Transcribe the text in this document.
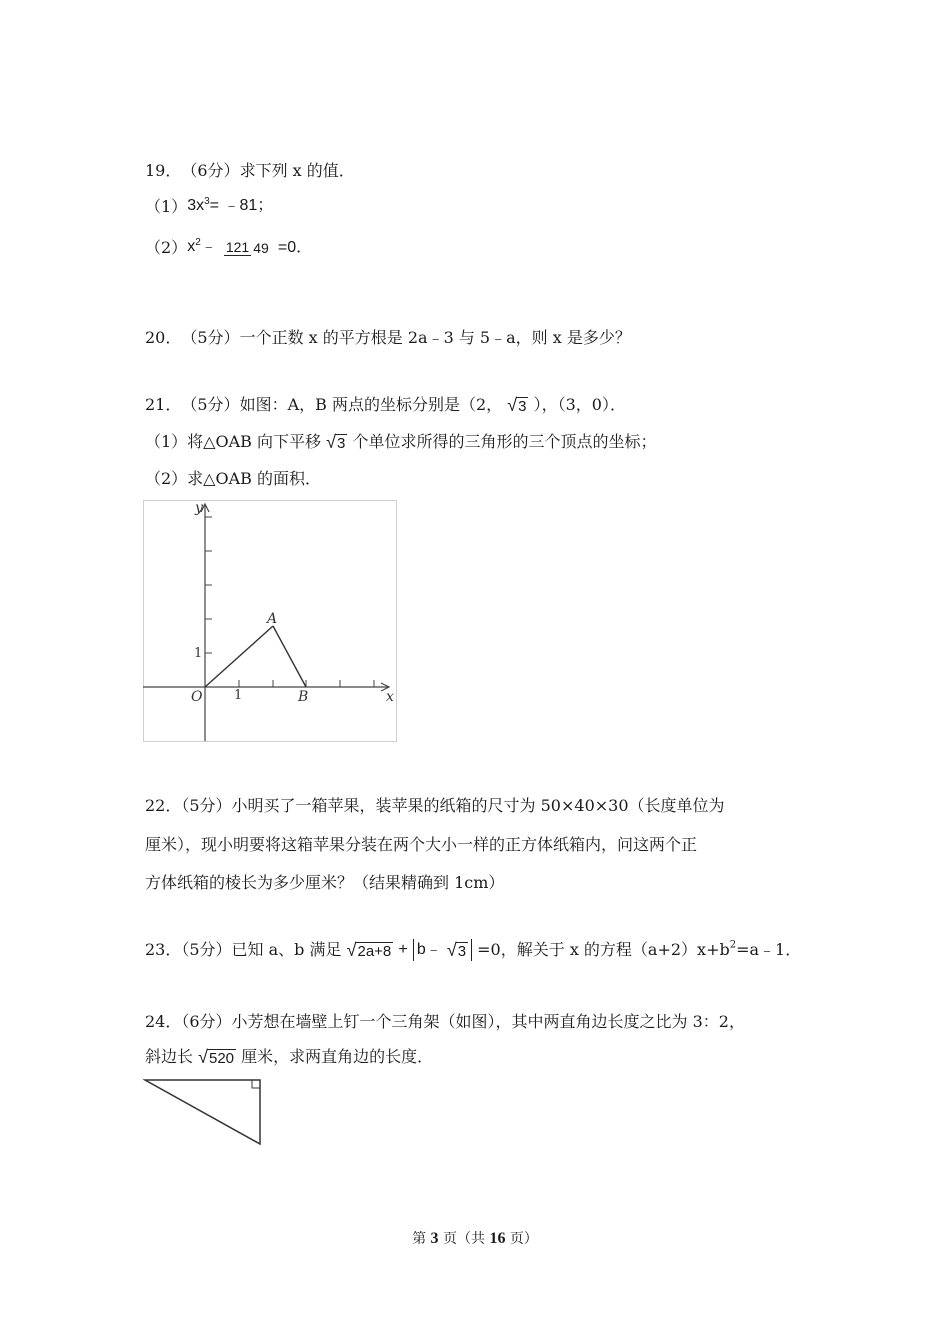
19．（6分）求下列 x 的值．
$(1)3x^3=$ ﹣81；
$(2)x^2﹣$ 121 49 =0．
20．（5分）一个正数 x 的平方根是 2a﹣3 与 5﹣a，则 x 是多少？
21．（5分）如图：A，B 两点的坐标分别是（2， √3 ），（3，0）．
（1）将△OAB 向下平移 √3 个单位求所得的三角形的三个顶点的坐标；
（2）求△OAB 的面积．
y
x
O 1
1
A
B
22．（5分）小明买了一箱苹果，装苹果的纸箱的尺寸为 50×40×30（长度单位为
厘米），现小明要将这箱苹果分装在两个大小一样的正方体纸箱内，问这两个正
方体纸箱的棱长为多少厘米？（结果精确到 1cm）
23．（5分）已知 a、b 满足 √2a+8 + b﹣ √3 =0，解关于 x 的方程$(a+2)x+b^2=a﹣1$．
24．（6分）小芳想在墙壁上钉一个三角架（如图），其中两直角边长度之比为 3：2，
斜边长 √520 厘米，求两直角边的长度．
第 3 页（共 16 页）
